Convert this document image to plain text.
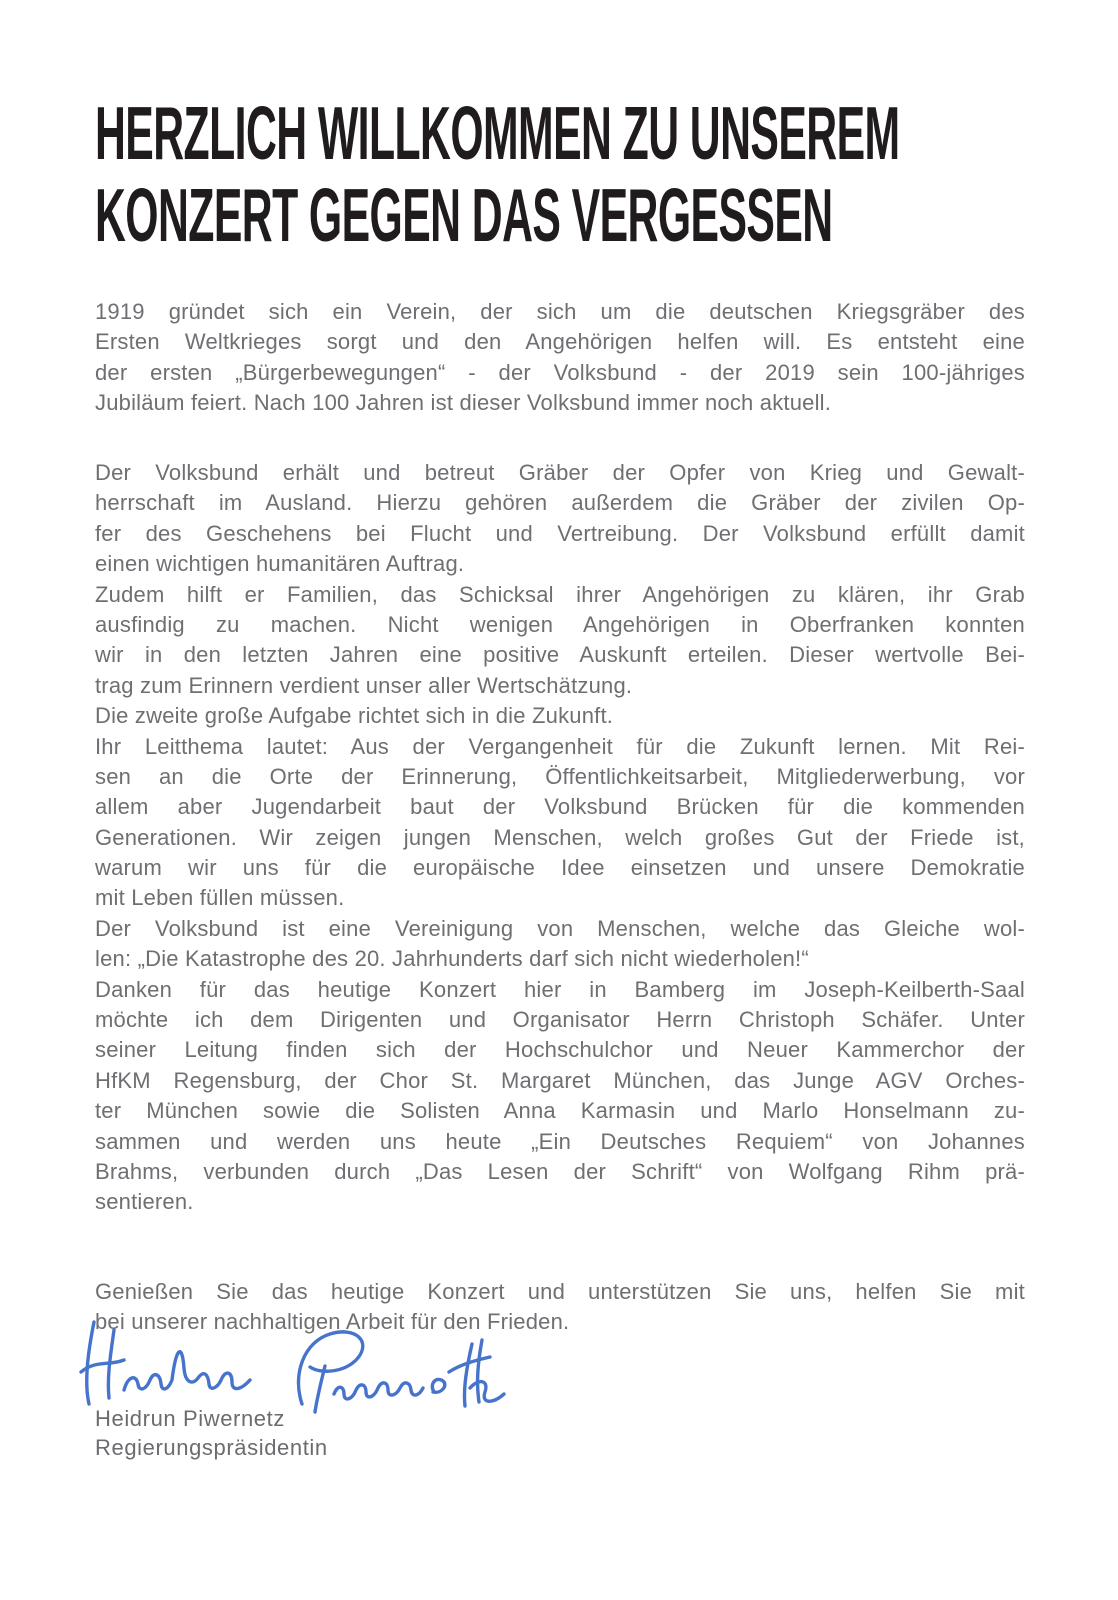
HERZLICH WILLKOMMEN ZU UNSEREM
KONZERT GEGEN DAS VERGESSEN
1919 gründet sich ein Verein, der sich um die deutschen Kriegsgräber des
Ersten Weltkrieges sorgt und den Angehörigen helfen will. Es entsteht eine
der ersten „Bürgerbewegungen“ - der Volksbund - der 2019 sein 100-jähriges
Jubiläum feiert. Nach 100 Jahren ist dieser Volksbund immer noch aktuell.
Der Volksbund erhält und betreut Gräber der Opfer von Krieg und Gewalt-
herrschaft im Ausland. Hierzu gehören außerdem die Gräber der zivilen Op-
fer des Geschehens bei Flucht und Vertreibung. Der Volksbund erfüllt damit
einen wichtigen humanitären Auftrag.
Zudem hilft er Familien, das Schicksal ihrer Angehörigen zu klären, ihr Grab
ausfindig zu machen. Nicht wenigen Angehörigen in Oberfranken konnten
wir in den letzten Jahren eine positive Auskunft erteilen. Dieser wertvolle Bei-
trag zum Erinnern verdient unser aller Wertschätzung.
Die zweite große Aufgabe richtet sich in die Zukunft.
Ihr Leitthema lautet: Aus der Vergangenheit für die Zukunft lernen. Mit Rei-
sen an die Orte der Erinnerung, Öffentlichkeitsarbeit, Mitgliederwerbung, vor
allem aber Jugendarbeit baut der Volksbund Brücken für die kommenden
Generationen. Wir zeigen jungen Menschen, welch großes Gut der Friede ist,
warum wir uns für die europäische Idee einsetzen und unsere Demokratie
mit Leben füllen müssen.
Der Volksbund ist eine Vereinigung von Menschen, welche das Gleiche wol-
len: „Die Katastrophe des 20. Jahrhunderts darf sich nicht wiederholen!“
Danken für das heutige Konzert hier in Bamberg im Joseph-Keilberth-Saal
möchte ich dem Dirigenten und Organisator Herrn Christoph Schäfer. Unter
seiner Leitung finden sich der Hochschulchor und Neuer Kammerchor der
HfKM Regensburg, der Chor St. Margaret München, das Junge AGV Orches-
ter München sowie die Solisten Anna Karmasin und Marlo Honselmann zu-
sammen und werden uns heute „Ein Deutsches Requiem“ von Johannes
Brahms, verbunden durch „Das Lesen der Schrift“ von Wolfgang Rihm prä-
sentieren.
Genießen Sie das heutige Konzert und unterstützen Sie uns, helfen Sie mit
bei unserer nachhaltigen Arbeit für den Frieden.
Heidrun Piwernetz
Regierungspräsidentin
